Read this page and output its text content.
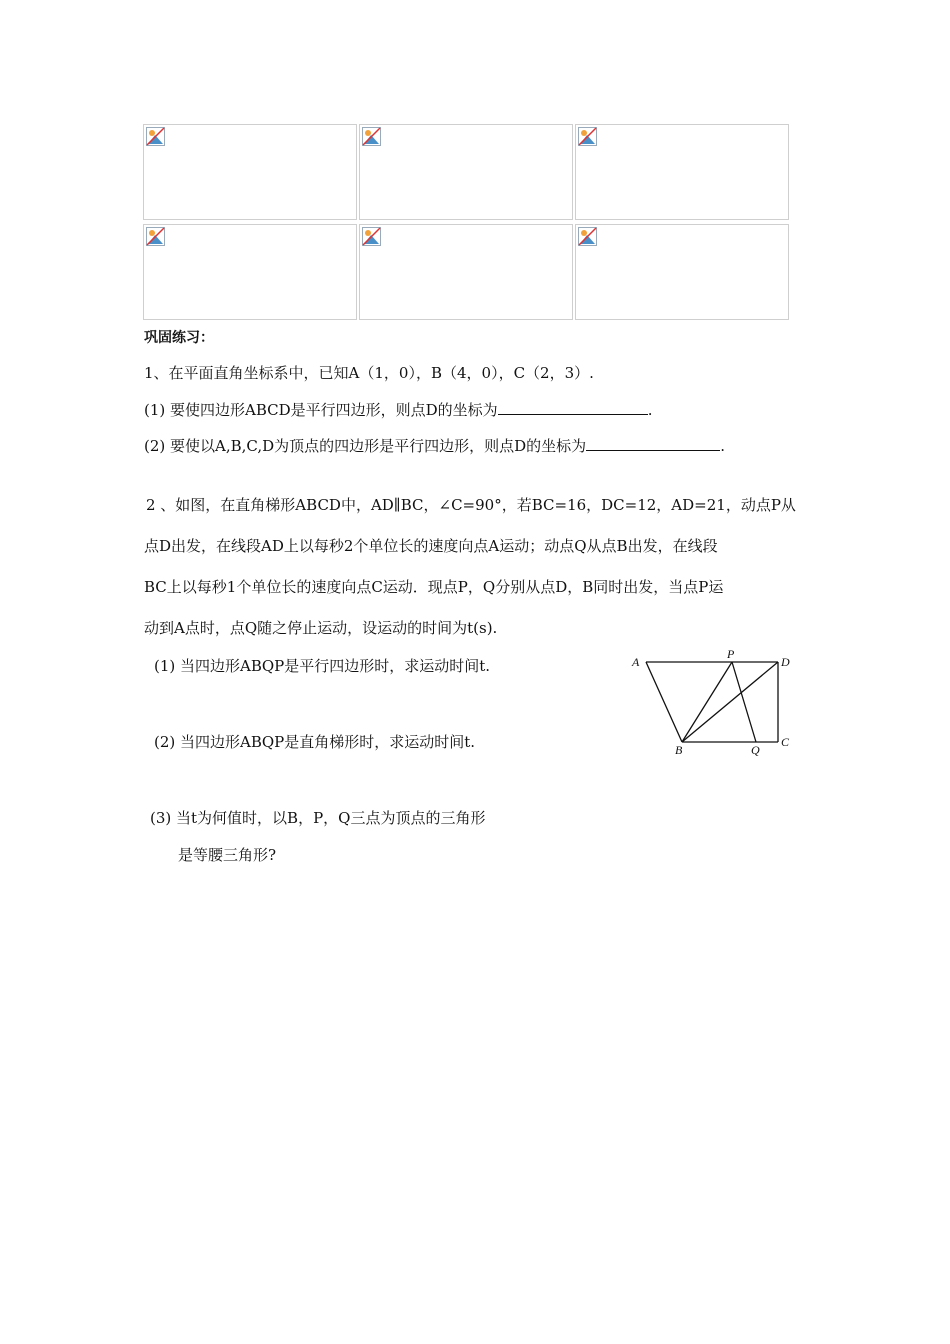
巩固练习：
1、在平面直角坐标系中，已知A（1，0），B（4，0），C（2，3）.
(1) 要使四边形ABCD是平行四边形，则点D的坐标为	.
(2) 要使以A,B,C,D为顶点的四边形是平行四边形，则点D的坐标为	.
2 、如图，在直角梯形ABCD中，AD∥BC，∠C=90°，若BC=16，DC=12，AD=21，动点P从
点D出发，在线段AD上以每秒2个单位长的速度向点A运动；动点Q从点B出发，在线段
BC上以每秒1个单位长的速度向点C运动．现点P，Q分别从点D，B同时出发，当点P运
动到A点时，点Q随之停止运动，设运动的时间为t(s).
(1) 当四边形ABQP是平行四边形时，求运动时间t.
(2) 当四边形ABQP是直角梯形时，求运动时间t.
(3) 当t为何值时，以B，P，Q三点为顶点的三角形
是等腰三角形?
A
P
D
B	Q
C
